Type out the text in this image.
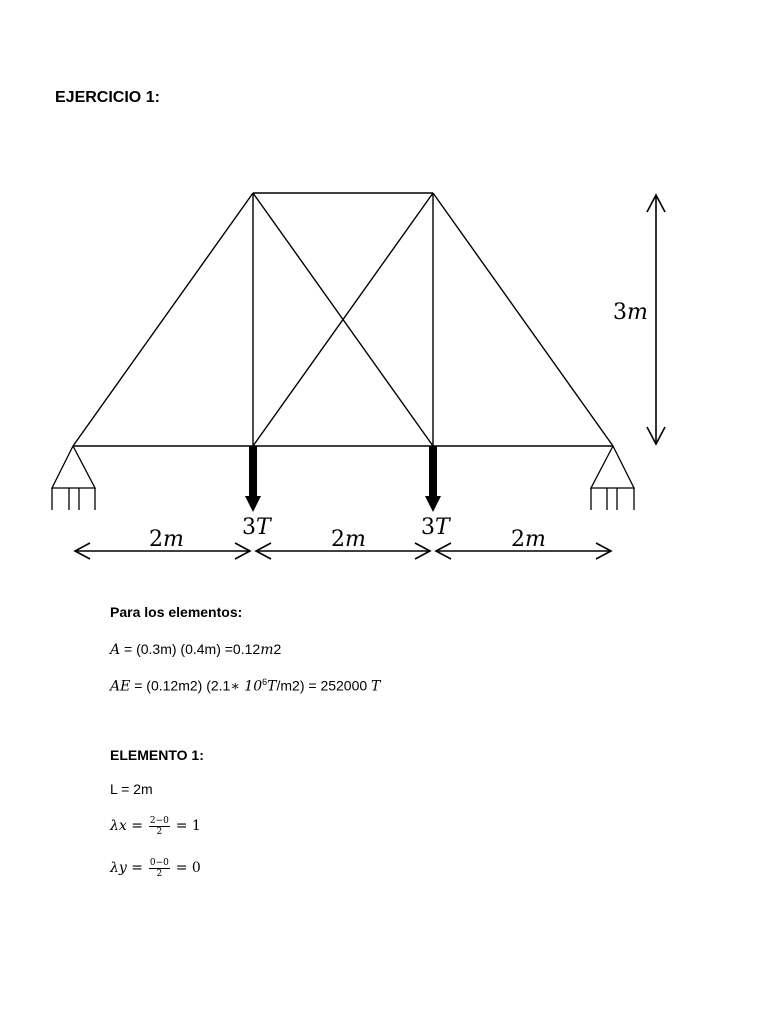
EJERCICIO 1:
3m
3T	3T
2m	2m	2m
Para los elementos:
A = (0.3m) (0.4m) =0.12m2
AE = (0.12m2) (2.1∗ $10^6T/m2) = 252000$ T
ELEMENTO 1:
L = 2m
$\lambda x = \frac{2-0}{2} = 1$
$\lambda y = \frac{0-0}{2} = 0$
